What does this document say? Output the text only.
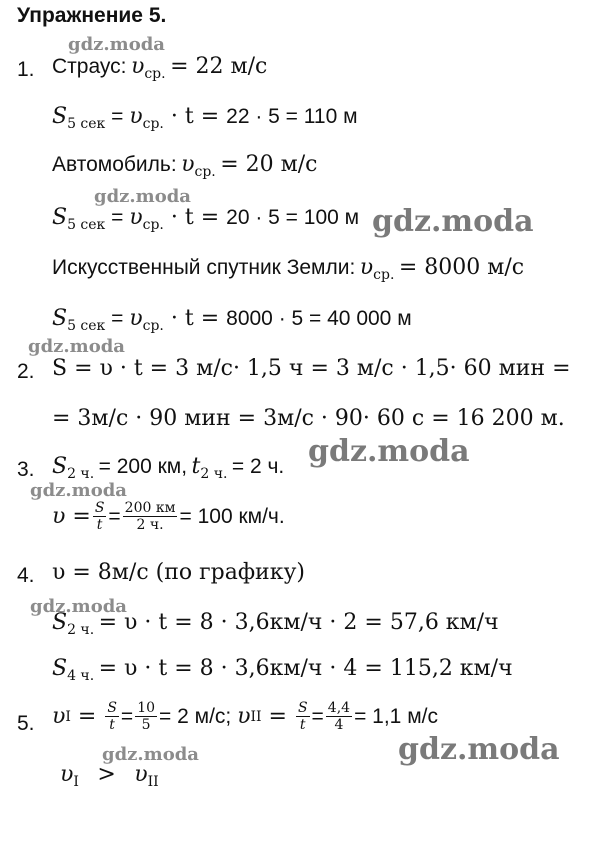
Упражнение 5.
1. Страус: υср. = 22 м/с
S5 сек = υср. · t = 22 · 5 = 110 м
Автомобиль: υср. = 20 м/с
S5 сек = υср. · t = 20 · 5 = 100 м
Искусственный спутник Земли: υср. = 8000 м/с
S5 сек = υср. · t = 8000 · 5 = 40 000 м
2. S = υ · t = 3 м/с· 1,5 ч = 3 м/с · 1,5· 60 мин =
= 3м/с · 90 мин = 3м/с · 90· 60 с = 16 200 м.
3. S2 ч. = 200 км, t2 ч. = 2 ч.
$\upsilon = \frac{S}{t} = \frac{200 км}{2 ч.} = 100$ км/ч.
4. υ = 8м/с (по графику)
S2 ч. = υ · t = 8 · 3,6км/ч · 2 = 57,6 км/ч
S4 ч. = υ · t = 8 · 3,6км/ч · 4 = 115,2 км/ч
5. υ $I = \frac{S}{t} = \frac{10}{5} = 2$ м/с;
υ II = $\frac{S}{t} = \frac{4,4}{4} = 1,1$ м/с
υI > υII
gdz.moda
gdz.moda
gdz.moda
gdz.moda
gdz.moda
gdz.moda
gdz.moda
gdz.moda
gdz.moda
